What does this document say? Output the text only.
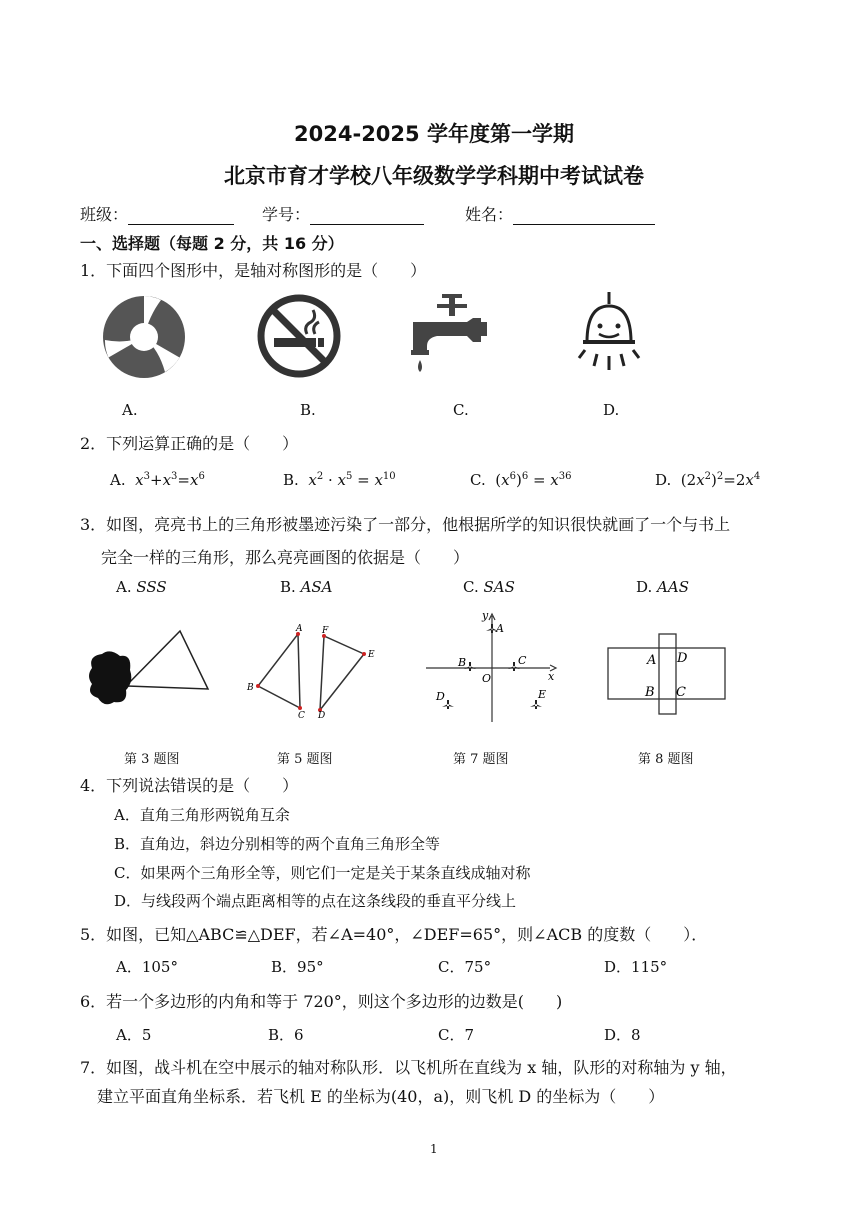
2024-2025 学年度第一学期
北京市育才学校八年级数学学科期中考试试卷
班级：	学号：	姓名：
一、选择题（每题 2 分，共 16 分）
1．下面四个图形中，是轴对称图形的是（　　）
A.	B.	C.	D.
2．下列运算正确的是（　　）
A. $x^3+x^3=x^6$	B. $x^2 \cdot x^5 = x^{10}$	C.  $(x^6)^6 = x^{36}$	D.  $(2x^2)^2=2x^4$
3．如图，亮亮书上的三角形被墨迹污染了一部分，他根据所学的知识很快就画了一个与书上
完全一样的三角形，那么亮亮画图的依据是（　　）
A. SSS	B. ASA	C. SAS	D. AAS
A
B
C
F
E
D
y
x
O
A
B	C
D	E
A D
B C
第 3 题图	第 5 题图	第 7 题图	第 8 题图
4．下列说法错误的是（　　）
A．直角三角形两锐角互余
B．直角边，斜边分别相等的两个直角三角形全等
C．如果两个三角形全等，则它们一定是关于某条直线成轴对称
D．与线段两个端点距离相等的点在这条线段的垂直平分线上
5．如图，已知△ABC≌△DEF，若∠A=40°，∠DEF=65°，则∠ACB 的度数（　　）．
A．105°	B．95°	C．75°	D．115°
6．若一个多边形的内角和等于 720°，则这个多边形的边数是(　　)
A．5	B．6	C．7	D．8
7．如图，战斗机在空中展示的轴对称队形．以飞机所在直线为 x 轴，队形的对称轴为 y 轴，
建立平面直角坐标系．若飞机 E 的坐标为(40，a)，则飞机 D 的坐标为（　　）
1
